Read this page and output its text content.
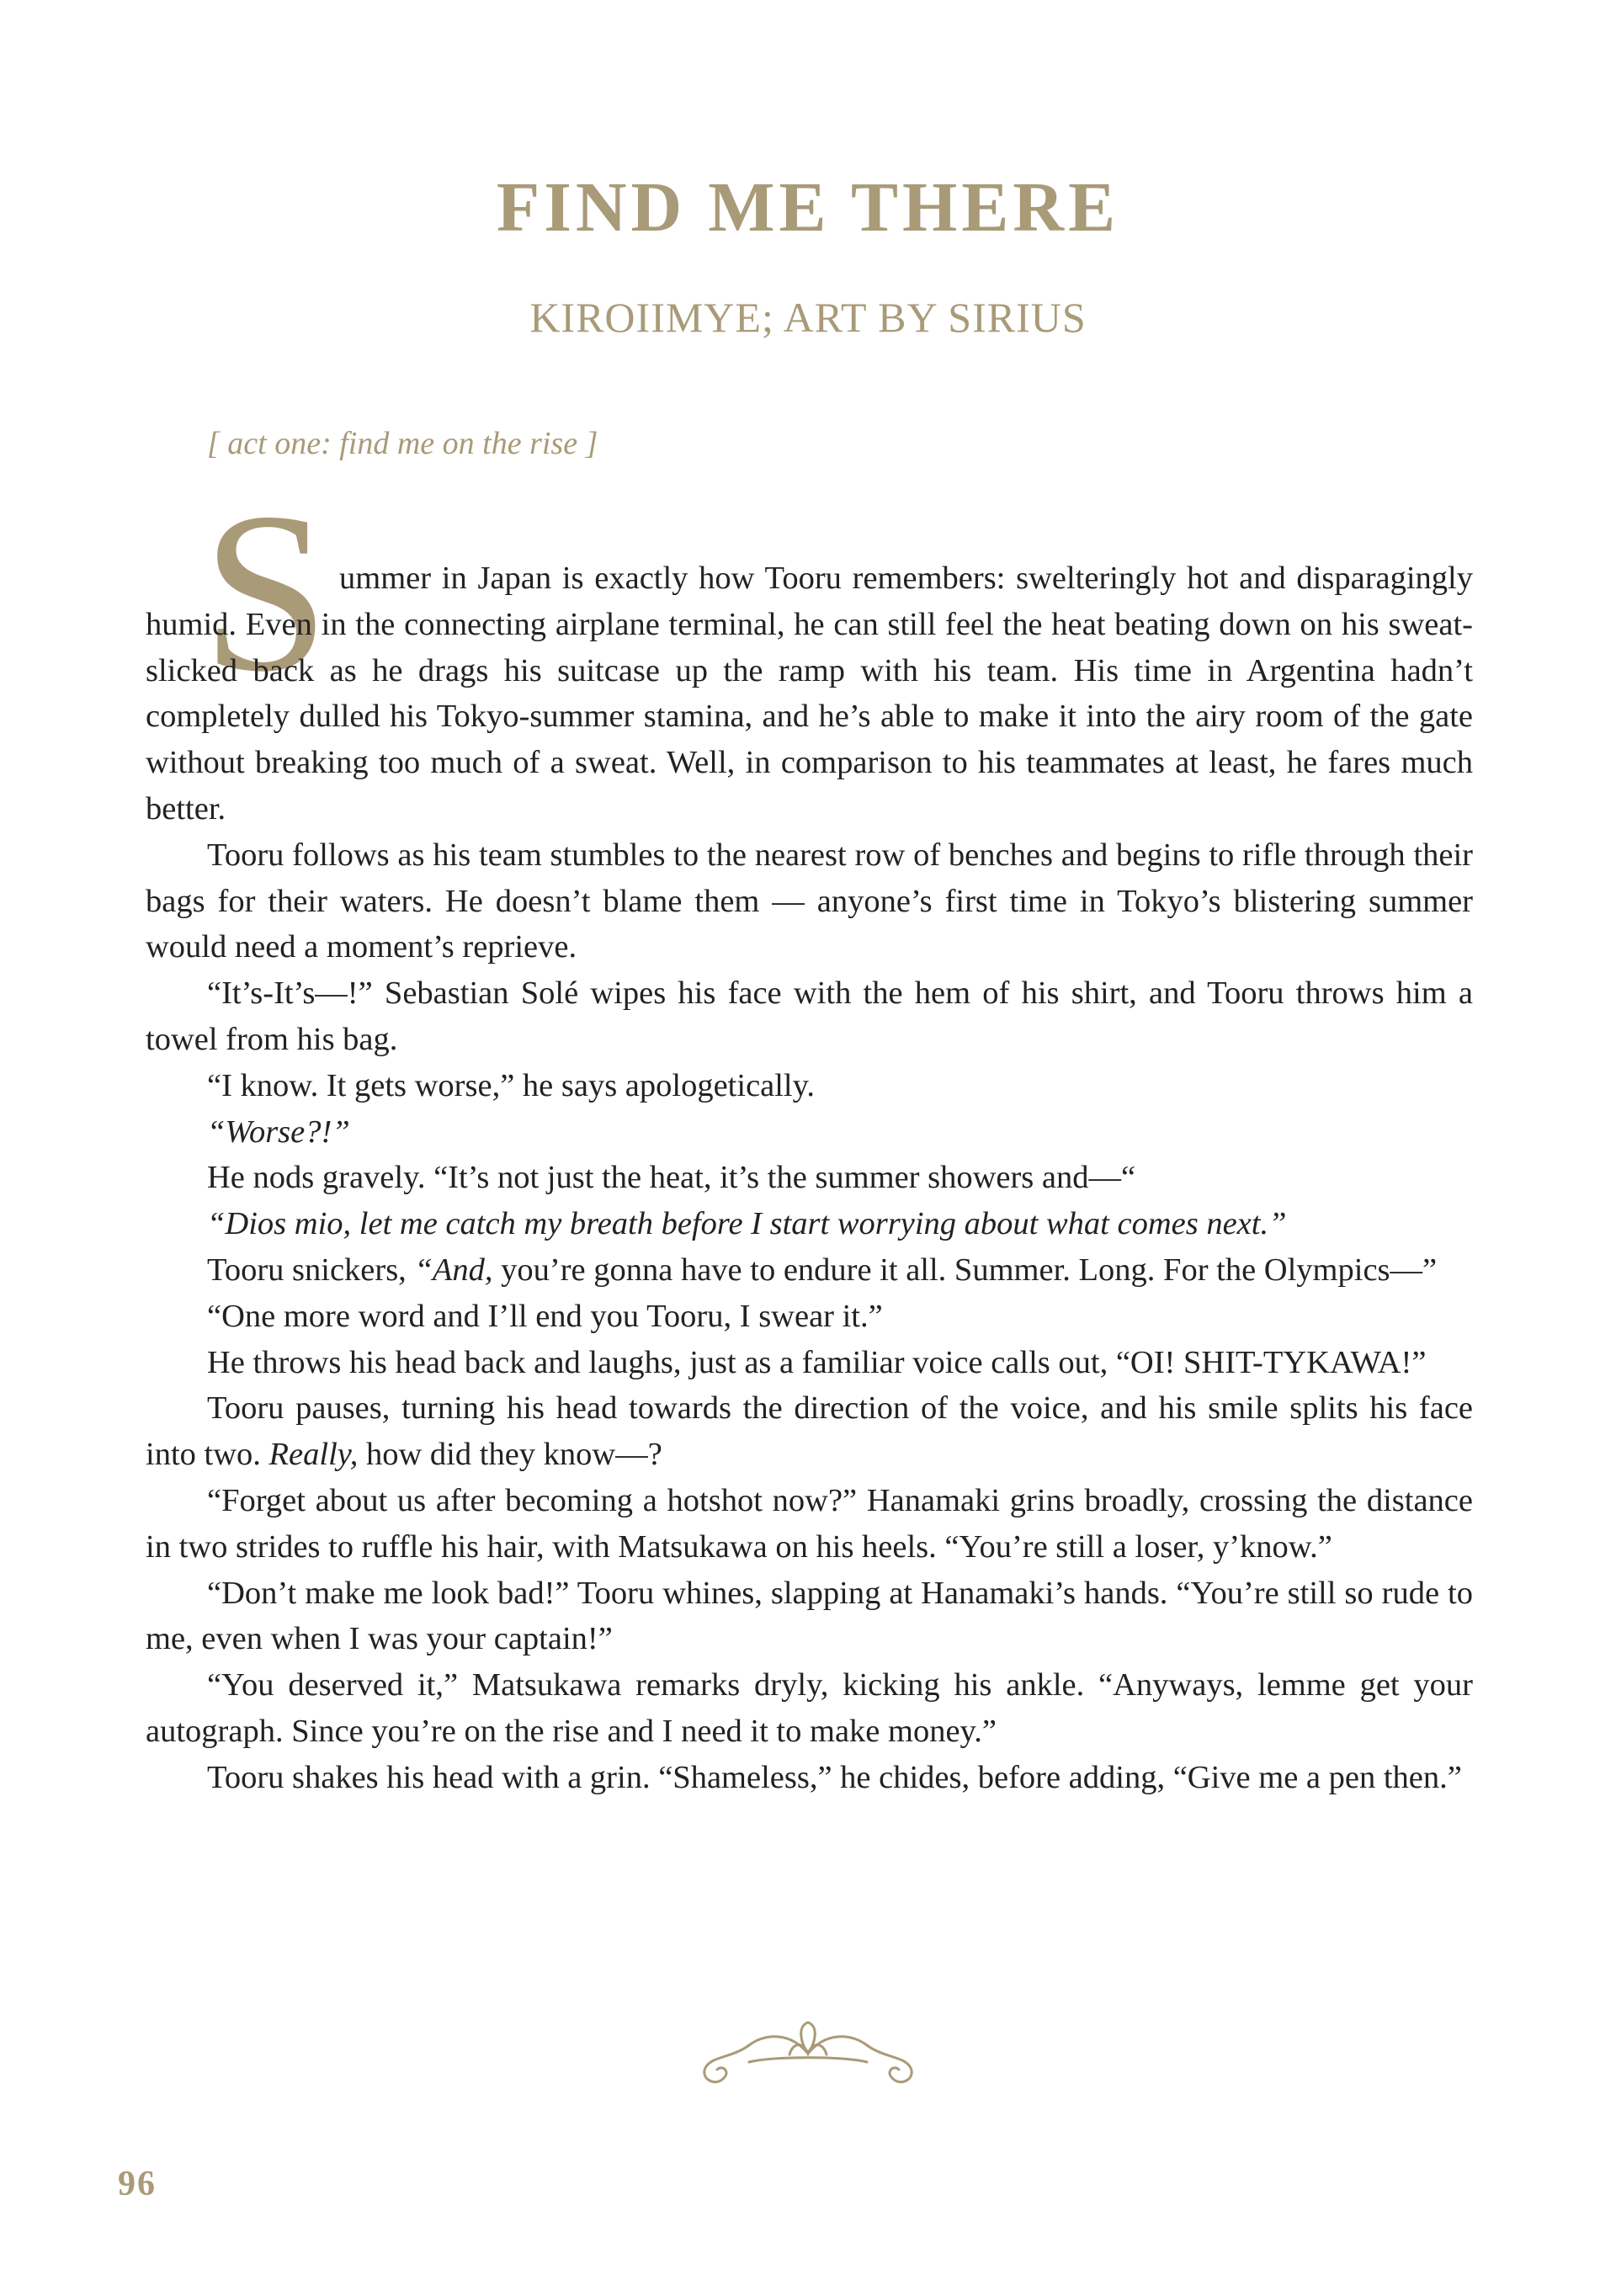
FIND ME THERE
KIROIIMYE; ART BY SIRIUS
[ act one: find me on the rise ]
S ummer in Japan is exactly how Tooru remembers: swelteringly hot and disparagingly humid. Even in the connecting airplane terminal, he can still feel the heat beating down on his sweat-slicked back as he drags his suitcase up the ramp with his team. His time in Argentina hadn’t completely dulled his Tokyo-summer stamina, and he’s able to make it into the airy room of the gate without breaking too much of a sweat. Well, in comparison to his teammates at least, he fares much better.

Tooru follows as his team stumbles to the nearest row of benches and begins to rifle through their bags for their waters. He doesn’t blame them — anyone’s first time in Tokyo’s blistering summer would need a moment’s reprieve.

“It’s-It’s—!” Sebastian Solé wipes his face with the hem of his shirt, and Tooru throws him a towel from his bag.

“I know. It gets worse,” he says apologetically.

“Worse?!”

He nods gravely. “It’s not just the heat, it’s the summer showers and—“

“Dios mio, let me catch my breath before I start worrying about what comes next.”

Tooru snickers, “And, you’re gonna have to endure it all. Summer. Long. For the Olympics—”

“One more word and I’ll end you Tooru, I swear it.”

He throws his head back and laughs, just as a familiar voice calls out, “OI! SHIT-TYKAWA!”

Tooru pauses, turning his head towards the direction of the voice, and his smile splits his face into two. Really, how did they know—?

“Forget about us after becoming a hotshot now?” Hanamaki grins broadly, crossing the distance in two strides to ruffle his hair, with Matsukawa on his heels. “You’re still a loser, y’know.”

“Don’t make me look bad!” Tooru whines, slapping at Hanamaki’s hands. “You’re still so rude to me, even when I was your captain!”

“You deserved it,” Matsukawa remarks dryly, kicking his ankle. “Anyways, lemme get your autograph. Since you’re on the rise and I need it to make money.”

Tooru shakes his head with a grin. “Shameless,” he chides, before adding, “Give me a pen then.”

96
